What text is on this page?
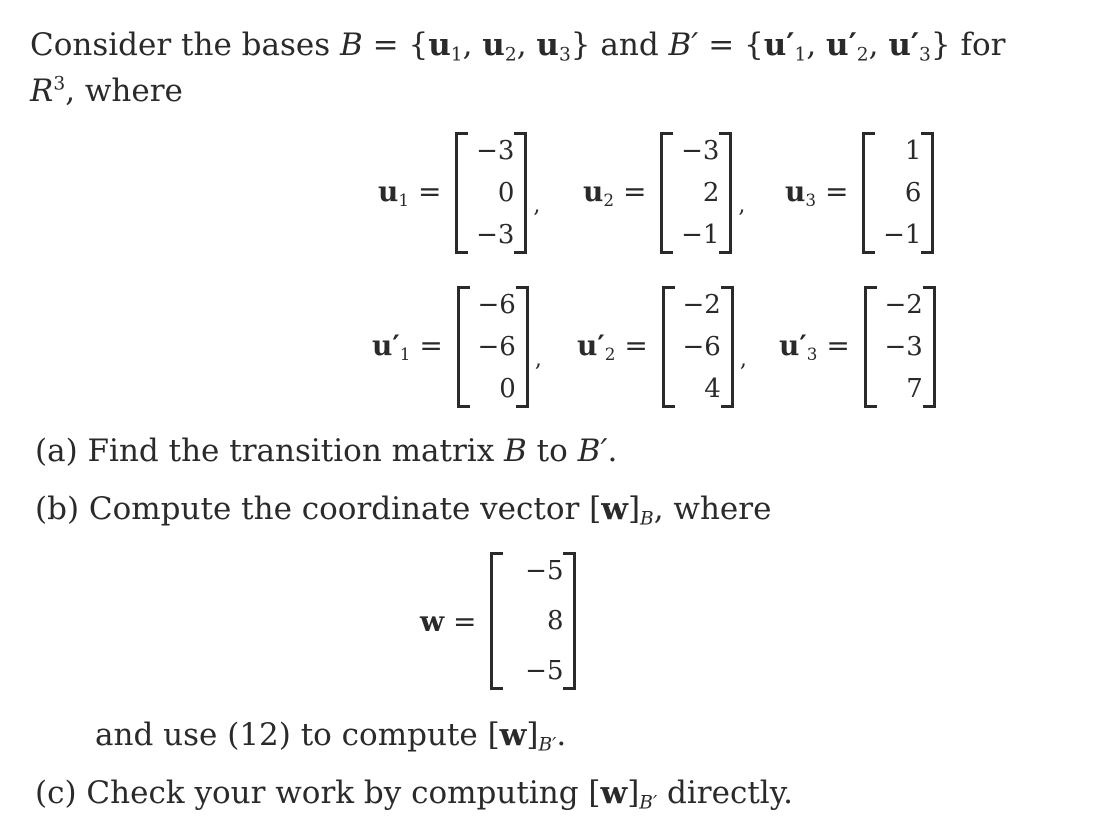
Consider the bases $B = \{u_1$, $u_2$, $u_3$} and $B' = \{u'_1$, $u'_2$, $u'_3$} for
$R^3$, where
$u_1$ =
−3
0
−3
, $u_2$ =
−3
2
−1
, $u_3$ =
1
6
−1
$u'_1$ =
−6
−6
0
, $u'_2$ =
−2
−6
4
, $u'_3$ =
−2
−3
7
(a) Find the transition matrix B to B′.
(b) Compute the coordinate vector $[w]_B$, where
w =
−5
8
−5
and use (12) to compute $[w]_{B'}$.
(c) Check your work by computing $[w]_{B'}$ directly.
